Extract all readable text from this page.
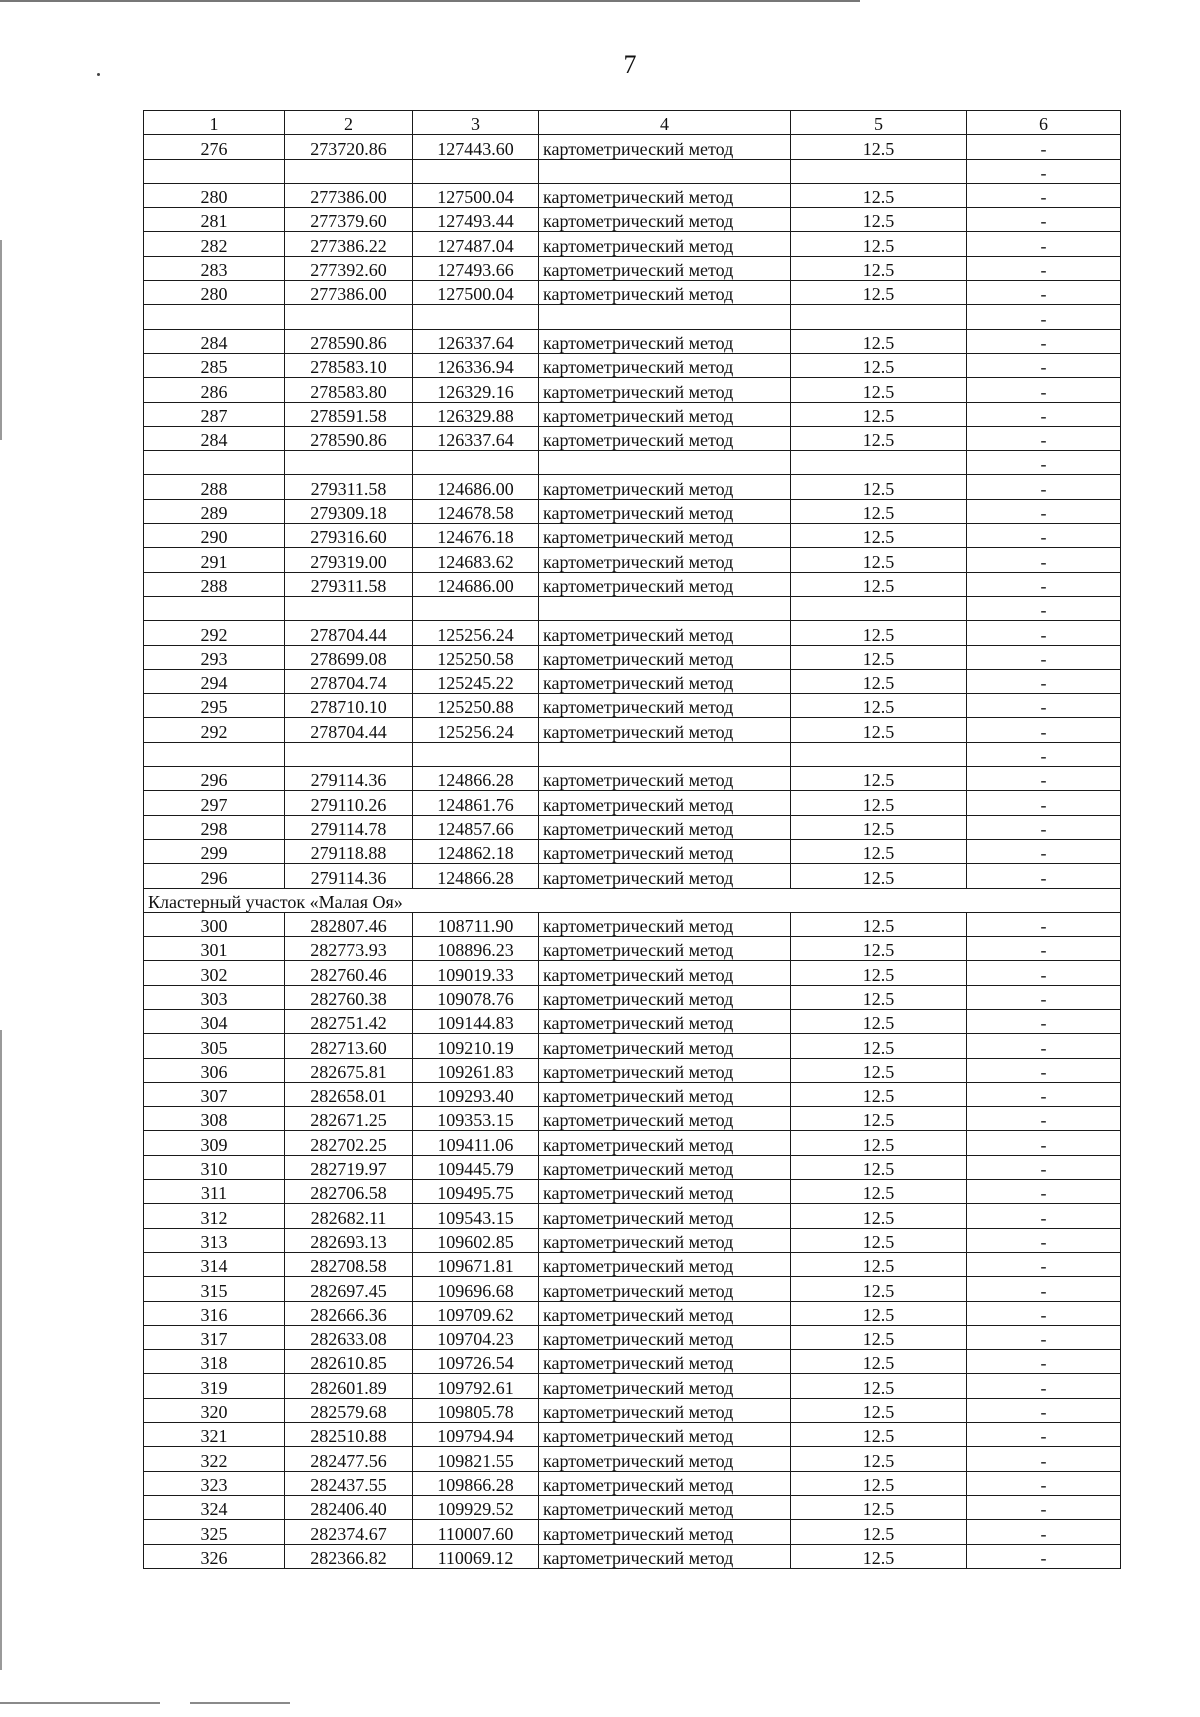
7
1	2	3	4	5	6
276	273720.86	127443.60	картометрический метод	12.5	-
					-
280	277386.00	127500.04	картометрический метод	12.5	-
281	277379.60	127493.44	картометрический метод	12.5	-
282	277386.22	127487.04	картометрический метод	12.5	-
283	277392.60	127493.66	картометрический метод	12.5	-
280	277386.00	127500.04	картометрический метод	12.5	-
					-
284	278590.86	126337.64	картометрический метод	12.5	-
285	278583.10	126336.94	картометрический метод	12.5	-
286	278583.80	126329.16	картометрический метод	12.5	-
287	278591.58	126329.88	картометрический метод	12.5	-
284	278590.86	126337.64	картометрический метод	12.5	-
					-
288	279311.58	124686.00	картометрический метод	12.5	-
289	279309.18	124678.58	картометрический метод	12.5	-
290	279316.60	124676.18	картометрический метод	12.5	-
291	279319.00	124683.62	картометрический метод	12.5	-
288	279311.58	124686.00	картометрический метод	12.5	-
					-
292	278704.44	125256.24	картометрический метод	12.5	-
293	278699.08	125250.58	картометрический метод	12.5	-
294	278704.74	125245.22	картометрический метод	12.5	-
295	278710.10	125250.88	картометрический метод	12.5	-
292	278704.44	125256.24	картометрический метод	12.5	-
					-
296	279114.36	124866.28	картометрический метод	12.5	-
297	279110.26	124861.76	картометрический метод	12.5	-
298	279114.78	124857.66	картометрический метод	12.5	-
299	279118.88	124862.18	картометрический метод	12.5	-
296	279114.36	124866.28	картометрический метод	12.5	-
Кластерный участок «Малая Оя»					
300	282807.46	108711.90	картометрический метод	12.5	-
301	282773.93	108896.23	картометрический метод	12.5	-
302	282760.46	109019.33	картометрический метод	12.5	-
303	282760.38	109078.76	картометрический метод	12.5	-
304	282751.42	109144.83	картометрический метод	12.5	-
305	282713.60	109210.19	картометрический метод	12.5	-
306	282675.81	109261.83	картометрический метод	12.5	-
307	282658.01	109293.40	картометрический метод	12.5	-
308	282671.25	109353.15	картометрический метод	12.5	-
309	282702.25	109411.06	картометрический метод	12.5	-
310	282719.97	109445.79	картометрический метод	12.5	-
311	282706.58	109495.75	картометрический метод	12.5	-
312	282682.11	109543.15	картометрический метод	12.5	-
313	282693.13	109602.85	картометрический метод	12.5	-
314	282708.58	109671.81	картометрический метод	12.5	-
315	282697.45	109696.68	картометрический метод	12.5	-
316	282666.36	109709.62	картометрический метод	12.5	-
317	282633.08	109704.23	картометрический метод	12.5	-
318	282610.85	109726.54	картометрический метод	12.5	-
319	282601.89	109792.61	картометрический метод	12.5	-
320	282579.68	109805.78	картометрический метод	12.5	-
321	282510.88	109794.94	картометрический метод	12.5	-
322	282477.56	109821.55	картометрический метод	12.5	-
323	282437.55	109866.28	картометрический метод	12.5	-
324	282406.40	109929.52	картометрический метод	12.5	-
325	282374.67	110007.60	картометрический метод	12.5	-
326	282366.82	110069.12	картометрический метод	12.5	-
